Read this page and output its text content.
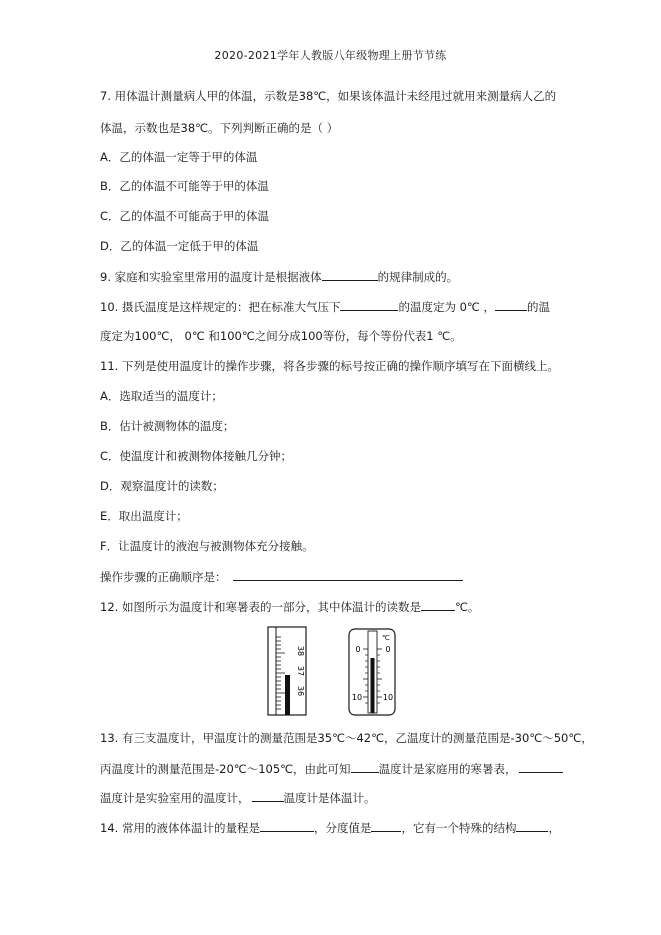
2020-2021学年人教版八年级物理上册节节练
7. 用体温计测量病人甲的体温，示数是38℃，如果该体温计未经甩过就用来测量病人乙的
体温，示数也是38℃。下列判断正确的是（ ）
A．乙的体温一定等于甲的体温
B．乙的体温不可能等于甲的体温
C．乙的体温不可能高于甲的体温
D．乙的体温一定低于甲的体温
9. 家庭和实验室里常用的温度计是根据液体	的规律制成的。
10. 摄氏温度是这样规定的：把在标准大气压下	的温度定为 0℃ ，	的温
度定为100℃， 0℃ 和100℃之间分成100等份，每个等份代表1 ℃。
11. 下列是使用温度计的操作步骤，将各步骤的标号按正确的操作顺序填写在下面横线上。
A．选取适当的温度计；
B．估计被测物体的温度；
C．使温度计和被测物体接触几分钟；
D．观察温度计的读数；
E．取出温度计；
F．让温度计的液泡与被测物体充分接触。
操作步骤的正确顺序是：
12. 如图所示为温度计和寒暑表的一部分，其中体温计的读数是	℃。
38
37
36
℃
0	0
10	10
13. 有三支温度计，甲温度计的测量范围是35℃～42℃，乙温度计的测量范围是-30℃～50℃，
丙温度计的测量范围是-20℃～105℃，由此可知 温度计是家庭用的寒暑表，
温度计是实验室用的温度计，	温度计是体温计。
14. 常用的液体体温计的量程是	，分度值是	，它有一个特殊的结构	，
